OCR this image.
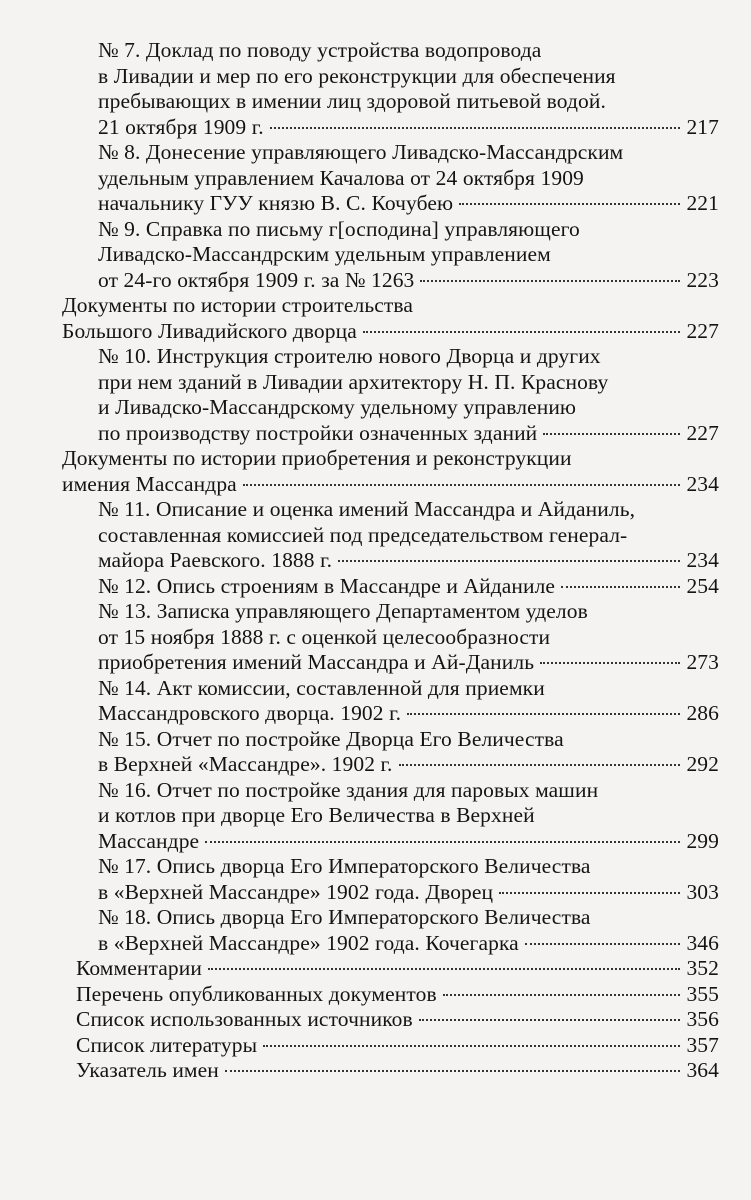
№ 7. Доклад по поводу устройства водопровода
в Ливадии и мер по его реконструкции для обеспечения
пребывающих в имении лиц здоровой питьевой водой.
21 октября 1909 г.	217
№ 8. Донесение управляющего Ливадско-Массандрским
удельным управлением Качалова от 24 октября 1909
начальнику ГУУ князю В. С. Кочубею	221
№ 9. Справка по письму г[осподина] управляющего
Ливадско-Массандрским удельным управлением
от 24-го октября 1909 г. за № 1263	223
Документы по истории строительства
Большого Ливадийского дворца	227
№ 10. Инструкция строителю нового Дворца и других
при нем зданий в Ливадии архитектору Н. П. Краснову
и Ливадско-Массандрскому удельному управлению
по производству постройки означенных зданий	227
Документы по истории приобретения и реконструкции
имения Массандра	234
№ 11. Описание и оценка имений Массандра и Айданиль,
составленная комиссией под председательством генерал-
майора Раевского. 1888 г.	234
№ 12. Опись строениям в Массандре и Айданиле	254
№ 13. Записка управляющего Департаментом уделов
от 15 ноября 1888 г. с оценкой целесообразности
приобретения имений Массандра и Ай-Даниль	273
№ 14. Акт комиссии, составленной для приемки
Массандровского дворца. 1902 г.	286
№ 15. Отчет по постройке Дворца Его Величества
в Верхней «Массандре». 1902 г.	292
№ 16. Отчет по постройке здания для паровых машин
и котлов при дворце Его Величества в Верхней
Массандре	299
№ 17. Опись дворца Его Императорского Величества
в «Верхней Массандре» 1902 года. Дворец	303
№ 18. Опись дворца Его Императорского Величества
в «Верхней Массандре» 1902 года. Кочегарка	346
Комментарии	352
Перечень опубликованных документов	355
Список использованных источников	356
Список литературы	357
Указатель имен	364
